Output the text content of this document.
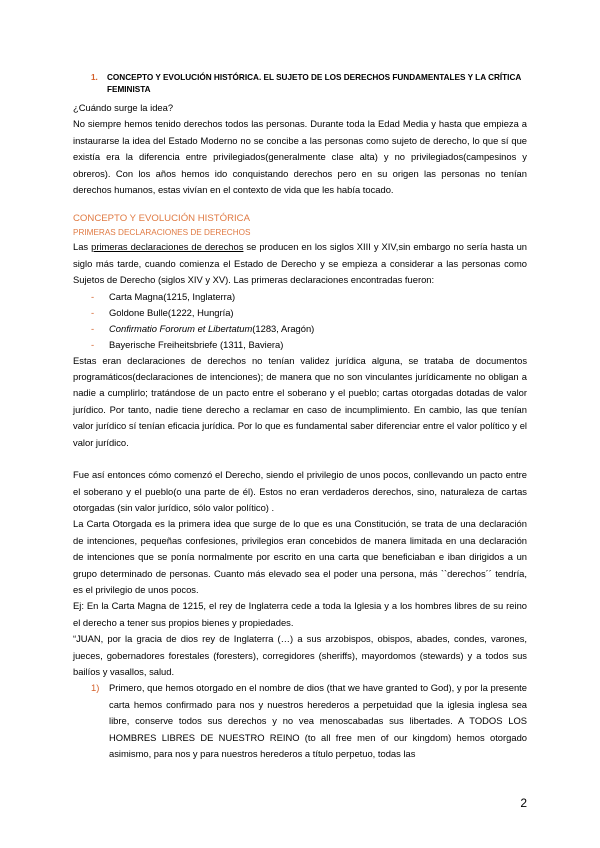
1.	CONCEPTO Y EVOLUCIÓN HISTÓRICA. EL SUJETO DE LOS DERECHOS FUNDAMENTALES Y LA CRÍTICA FEMINISTA

¿Cuándo surge la idea?

No siempre hemos tenido derechos todos las personas. Durante toda la Edad Media y hasta que empieza a instaurarse la idea del Estado Moderno no se concibe a las personas como sujeto de derecho, lo que sí que existía era la diferencia entre privilegiados(generalmente clase alta) y no privilegiados(campesinos y obreros). Con los años hemos ido conquistando derechos pero en su origen las personas no tenían derechos humanos, estas vivían en el contexto de vida que les había tocado.

CONCEPTO Y EVOLUCIÓN HISTÓRICA
PRIMERAS DECLARACIONES DE DERECHOS

Las primeras declaraciones de derechos se producen en los siglos XIII y XIV,sin embargo no sería hasta un siglo más tarde, cuando comienza el Estado de Derecho y se empieza a considerar a las personas como Sujetos de Derecho (siglos XIV y XV). Las primeras declaraciones encontradas fueron:

- Carta Magna(1215, Inglaterra)
- Goldone Bulle(1222, Hungría)
- Confirmatio Fororum et Libertatum(1283, Aragón)
- Bayerische Freiheitsbriefe (1311, Baviera)

Estas eran declaraciones de derechos no tenían validez jurídica alguna, se trataba de documentos programáticos(declaraciones de intenciones); de manera que no son vinculantes jurídicamente no obligan a nadie a cumplirlo; tratándose de un pacto entre el soberano y el pueblo; cartas otorgadas dotadas de valor jurídico. Por tanto, nadie tiene derecho a reclamar en caso de incumplimiento. En cambio, las que tenían valor jurídico sí tenían eficacia jurídica. Por lo que es fundamental saber diferenciar entre el valor político y el valor jurídico.

Fue así entonces cómo comenzó el Derecho, siendo el privilegio de unos pocos, conllevando un pacto entre el soberano y el pueblo(o una parte de él). Estos no eran verdaderos derechos, sino, naturaleza de cartas otorgadas (sin valor jurídico, sólo valor político) .

La Carta Otorgada es la primera idea que surge de lo que es una Constitución, se trata de una declaración de intenciones, pequeñas confesiones, privilegios eran concebidos de manera limitada en una declaración de intenciones que se ponía normalmente por escrito en una carta que beneficiaban e iban dirigidos a un grupo determinado de personas. Cuanto más elevado sea el poder una persona, más ``derechos´´ tendría, es el privilegio de unos pocos.

Ej: En la Carta Magna de 1215, el rey de Inglaterra cede a toda la Iglesia y a los hombres libres de su reino el derecho a tener sus propios bienes y propiedades.

“JUAN, por la gracia de dios rey de Inglaterra (…) a sus arzobispos, obispos, abades, condes, varones, jueces, gobernadores forestales (foresters), corregidores (sheriffs), mayordomos (stewards) y a todos sus bailíos y vasallos, salud.

1)	Primero, que hemos otorgado en el nombre de dios (that we have granted to God), y por la presente carta hemos confirmado para nos y nuestros herederos a perpetuidad que la iglesia inglesa sea libre, conserve todos sus derechos y no vea menoscabadas sus libertades. A TODOS LOS HOMBRES LIBRES DE NUESTRO REINO (to all free men of our kingdom) hemos otorgado asimismo, para nos y para nuestros herederos a título perpetuo, todas las
2
